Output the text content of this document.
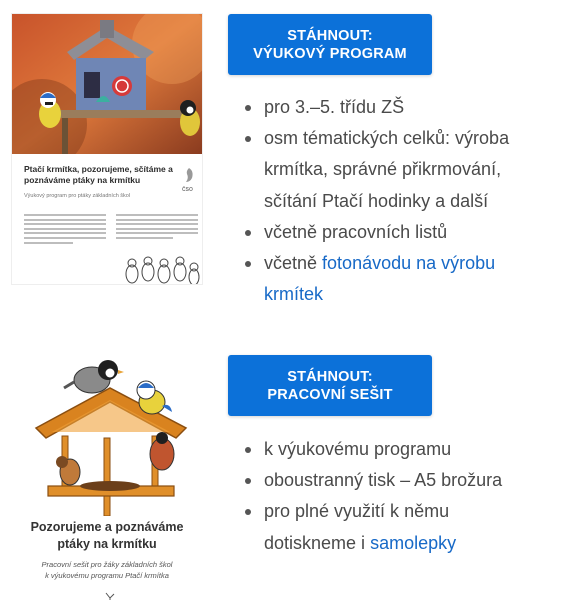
Ptačí krmítka, pozorujeme, sčítáme a poznáváme ptáky na krmítku
ČSO
Výukový program pro ptáky základních škol
STÁHNOUT:
VÝUKOVÝ PROGRAM
pro 3.–5. třídu ZŠ
osm tématických celků: výroba krmítka, správné přikrmování, sčítání Ptačí hodinky a další
včetně pracovních listů
včetně fotonávodu na výrobu krmítek
Pozorujeme a poznáváme
ptáky na krmítku
Pracovní sešit pro žáky základních škol
k výukovému programu Ptačí krmítka
STÁHNOUT:
PRACOVNÍ SEŠIT
k výukovému programu
oboustranný tisk – A5 brožura
pro plné využití k němu dotiskneme i samolepky
